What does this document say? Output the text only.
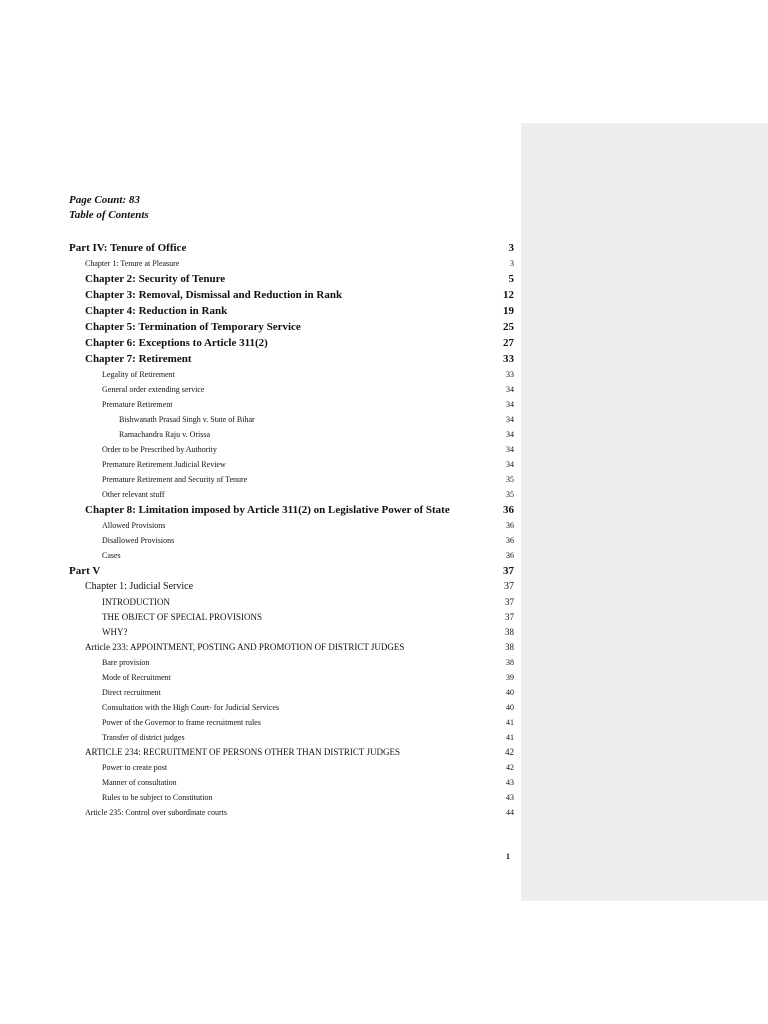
Page Count: 83
Table of Contents
Part IV: Tenure of Office	3
Chapter 1: Tenure at Pleasure	3
Chapter 2: Security of Tenure	5
Chapter 3: Removal, Dismissal and Reduction in Rank	12
Chapter 4: Reduction in Rank	19
Chapter 5: Termination of Temporary Service	25
Chapter 6: Exceptions to Article 311(2)	27
Chapter 7: Retirement	33
Legality of Retirement	33
General order extending service	34
Premature Retirement	34
Bishwanath Prasad Singh v. State of Bihar	34
Ramachandra Raju v. Orissa	34
Order to be Prescribed by Authority	34
Premature Retirement Judicial Review	34
Premature Retirement and Security of Tenure	35
Other relevant stuff	35
Chapter 8: Limitation imposed by Article 311(2) on Legislative Power of State	36
Allowed Provisions	36
Disallowed Provisions	36
Cases	36
Part V	37
Chapter 1: Judicial Service	37
INTRODUCTION	37
THE OBJECT OF SPECIAL PROVISIONS	37
WHY?	38
Article 233: APPOINTMENT, POSTING AND PROMOTION OF DISTRICT JUDGES	38
Bare provision	38
Mode of Recruitment	39
Direct recruitment	40
Consultation with the High Court- for Judicial Services	40
Power of the Governor to frame recruitment rules	41
Transfer of district judges	41
ARTICLE 234: RECRUITMENT OF PERSONS OTHER THAN DISTRICT JUDGES	42
Power to create post	42
Manner of consultation	43
Rules to be subject to Constitution	43
Article 235: Control over subordinate courts	44
1
